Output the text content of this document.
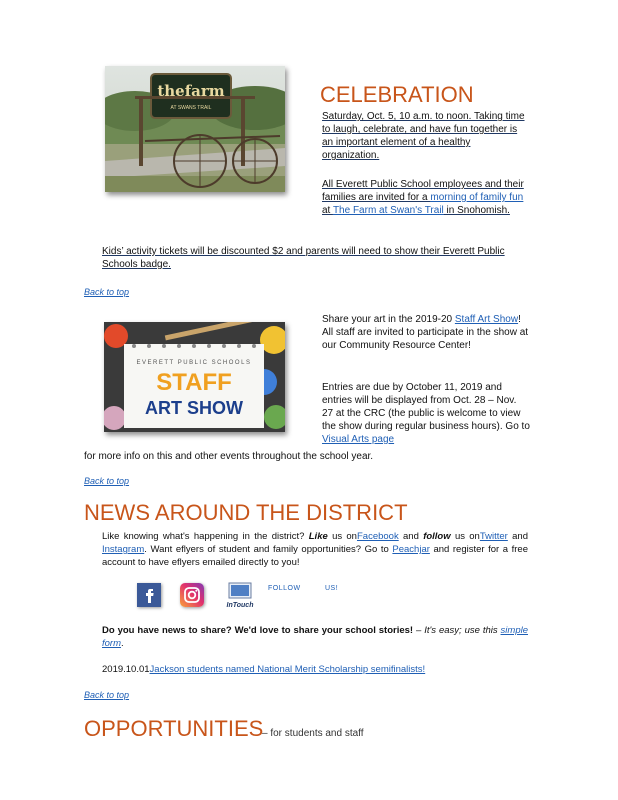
thefarm
AT SWANS TRAIL
CELEBRATION
Saturday, Oct. 5, 10 a.m. to noon. Taking time to laugh, celebrate, and have fun together is an important element of a healthy organization.
All Everett Public School employees and their families are invited for a morning of family fun at The Farm at Swan's Trail in Snohomish.
Kids’ activity tickets will be discounted $2 and parents will need to show their Everett Public Schools badge.
Back to top
EVERETT PUBLIC SCHOOLS
STAFF
ART SHOW
Share your art in the 2019-20 Staff Art Show! All staff are invited to participate in the show at our Community Resource Center!
Entries are due by October 11, 2019 and entries will be displayed from Oct. 28 – Nov. 27 at the CRC (the public is welcome to view the show during regular business hours). Go to Visual Arts page
for more info on this and other events throughout the school year.
Back to top
NEWS AROUND THE DISTRICT
Like knowing what's happening in the district? Like us onFacebook and follow us onTwitter and Instagram. Want eflyers of student and family opportunities? Go to Peachjar and register for a free account to have eflyers emailed directly to you!
InTouch
FOLLOW US!
Do you have news to share? We'd love to share your school stories! – It's easy; use this simple form.
2019.10.01Jackson students named National Merit Scholarship semifinalists!
Back to top
OPPORTUNITIES
– for students and staff
